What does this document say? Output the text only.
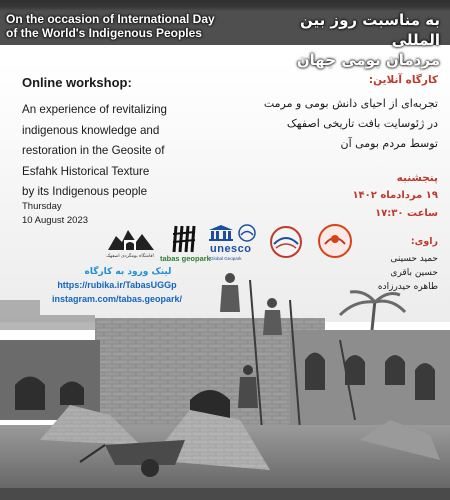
On the occasion of International Day
of the World's Indigenous Peoples
به مناسبت روز بین المللی
مردمان بومی جهان
Online workshop:
An experience of revitalizing
indigenous knowledge and
restoration in the Geosite of
Esfahk Historical Texture
by its Indigenous people
Thursday
10 August 2023
کارگاه آنلاین:
تجربه‌ای از احیای دانش بومی و مرمت
در ژئوسایت بافت تاریخی اصفهک
توسط مردم بومی آن
پنجشنبه
۱۹ مرداد‌ماه ۱۴۰۲
ساعت ۱۷:۳۰
راوی:
حمید حسینی
حسین باقری
طاهره حیدرزاده
اقامتگاه بومگردی اصفهک tabas geopark
unesco
Global Geopark
لینک ورود به کارگاه
https://rubika.ir/TabasUGGp
instagram.com/tabas.geopark/
